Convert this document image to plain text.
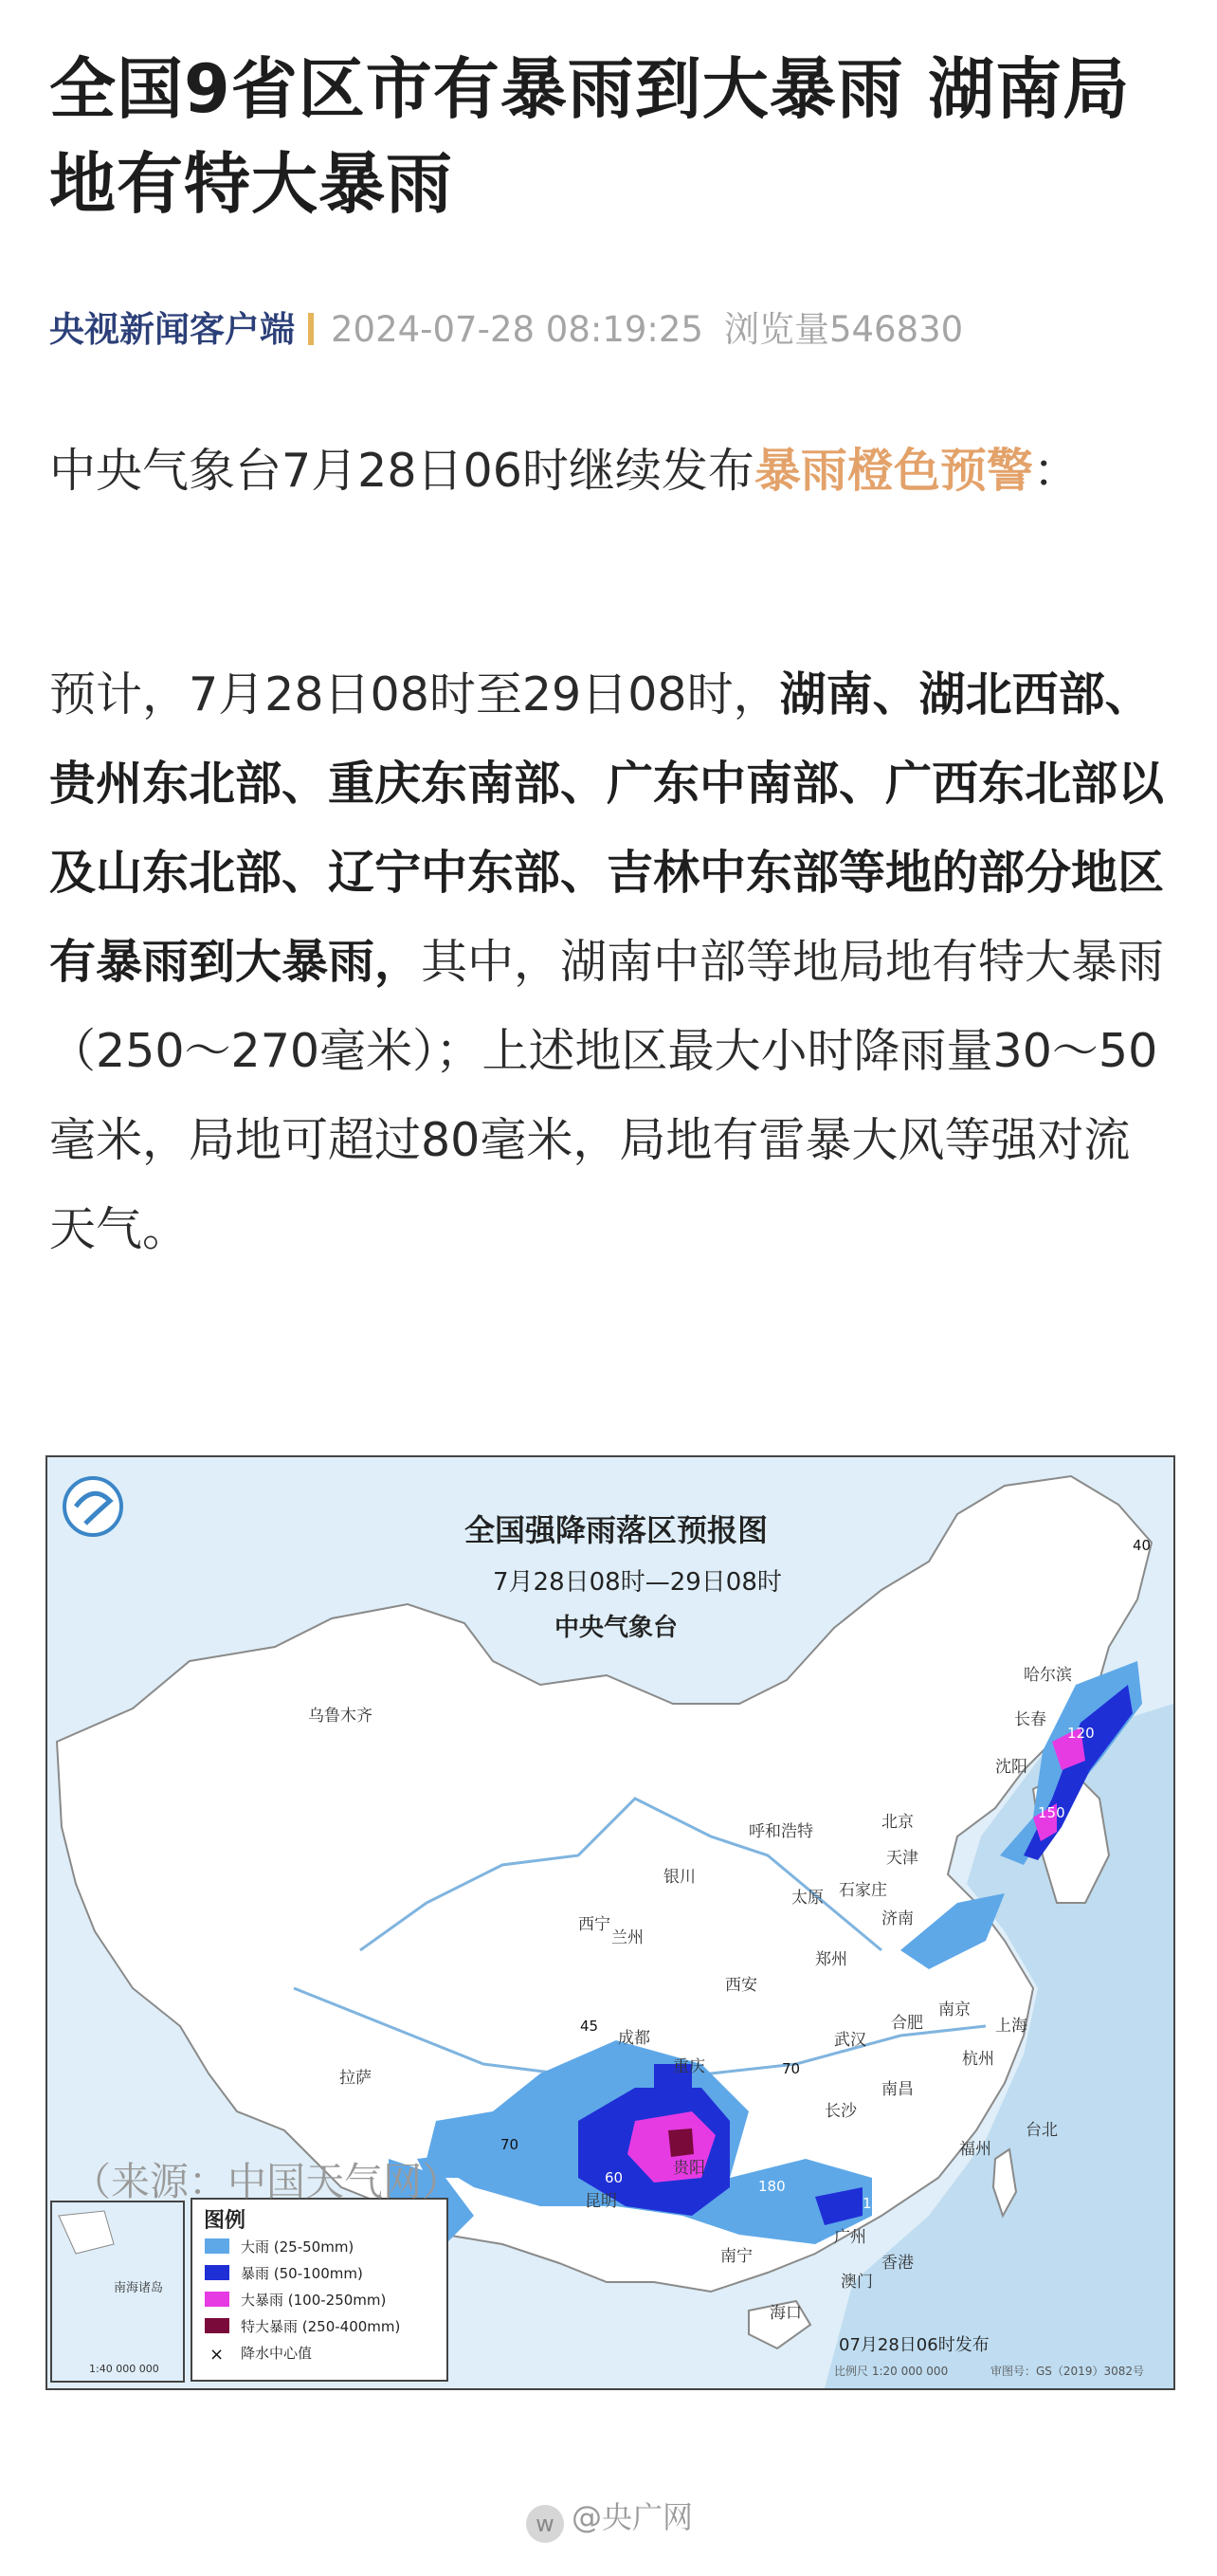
全国9省区市有暴雨到大暴雨 湖南局地有特大暴雨
央视新闻客户端 2024-07-28 08:19:25 浏览量546830
中央气象台7月28日06时继续发布暴雨橙色预警：
预计，7月28日08时至29日08时，湖南、湖北西部、贵州东北部、重庆东南部、广东中南部、广西东北部以及山东北部、辽宁中东部、吉林中东部等地的部分地区有暴雨到大暴雨，其中，湖南中部等地局地有特大暴雨（250～270毫米）；上述地区最大小时降雨量30～50毫米，局地可超过80毫米，局地有雷暴大风等强对流天气。
全国强降雨落区预报图
7月28日08时—29日08时
中央气象台
乌鲁木齐
哈尔滨
长春
沈阳
北京
天津
呼和浩特
银川
石家庄
太原
济南
西宁
兰州
郑州
西安
南京
合肥	上海
武汉
杭州
成都
重庆
拉萨
长沙
南昌
贵阳
福州
台北
昆明
南宁
广州
香港
澳门
海口
40
120
150
45
60
70
270
180
70
60
80
150
南海诸岛
1:40 000 000
图例
大雨 (25-50mm)
暴雨 (50-100mm)
大暴雨 (100-250mm)
特大暴雨 (250-400mm)
× 降水中心值	07月28日06时发布
比例尺 1:20 000 000	审图号：GS（2019）3082号
（来源：中国天气网）
w @央广网
